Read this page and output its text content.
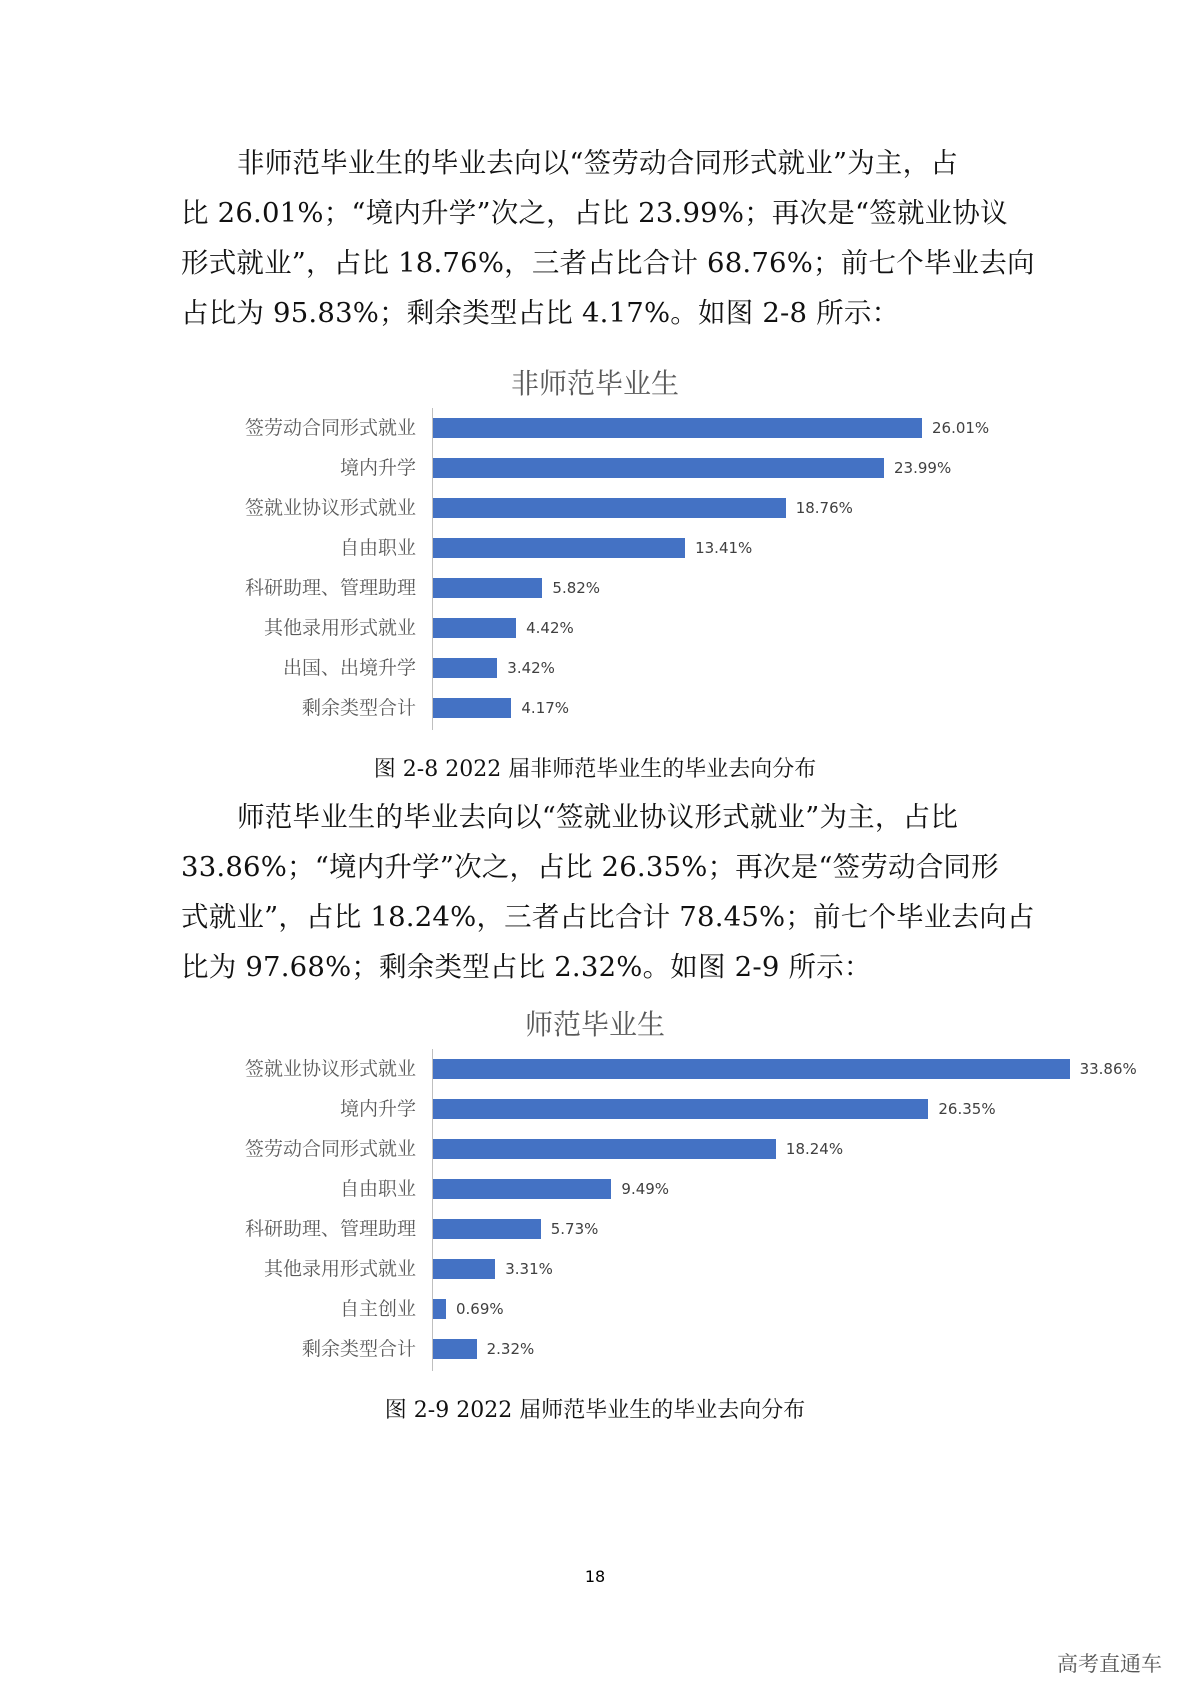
非师范毕业生的毕业去向以“签劳动合同形式就业”为主，占
比 26.01%；“境内升学”次之，占比 23.99%；再次是“签就业协议
形式就业”，占比 18.76%，三者占比合计 68.76%；前七个毕业去向
占比为 95.83%；剩余类型占比 4.17%。如图 2-8 所示：
非师范毕业生
签劳动合同形式就业	26.01%
境内升学	23.99%
签就业协议形式就业	18.76%
自由职业	13.41%
科研助理、管理助理	5.82%
其他录用形式就业	4.42%
出国、出境升学	3.42%
剩余类型合计	4.17%
图 2-8 2022 届非师范毕业生的毕业去向分布
师范毕业生的毕业去向以“签就业协议形式就业”为主，占比
33.86%；“境内升学”次之，占比 26.35%；再次是“签劳动合同形
式就业”，占比 18.24%，三者占比合计 78.45%；前七个毕业去向占
比为 97.68%；剩余类型占比 2.32%。如图 2-9 所示：
师范毕业生
签就业协议形式就业	33.86%
境内升学	26.35%
签劳动合同形式就业	18.24%
自由职业	9.49%
科研助理、管理助理	5.73%
其他录用形式就业	3.31%
自主创业	0.69%
剩余类型合计	2.32%
图 2-9 2022 届师范毕业生的毕业去向分布
18
高考直通车
